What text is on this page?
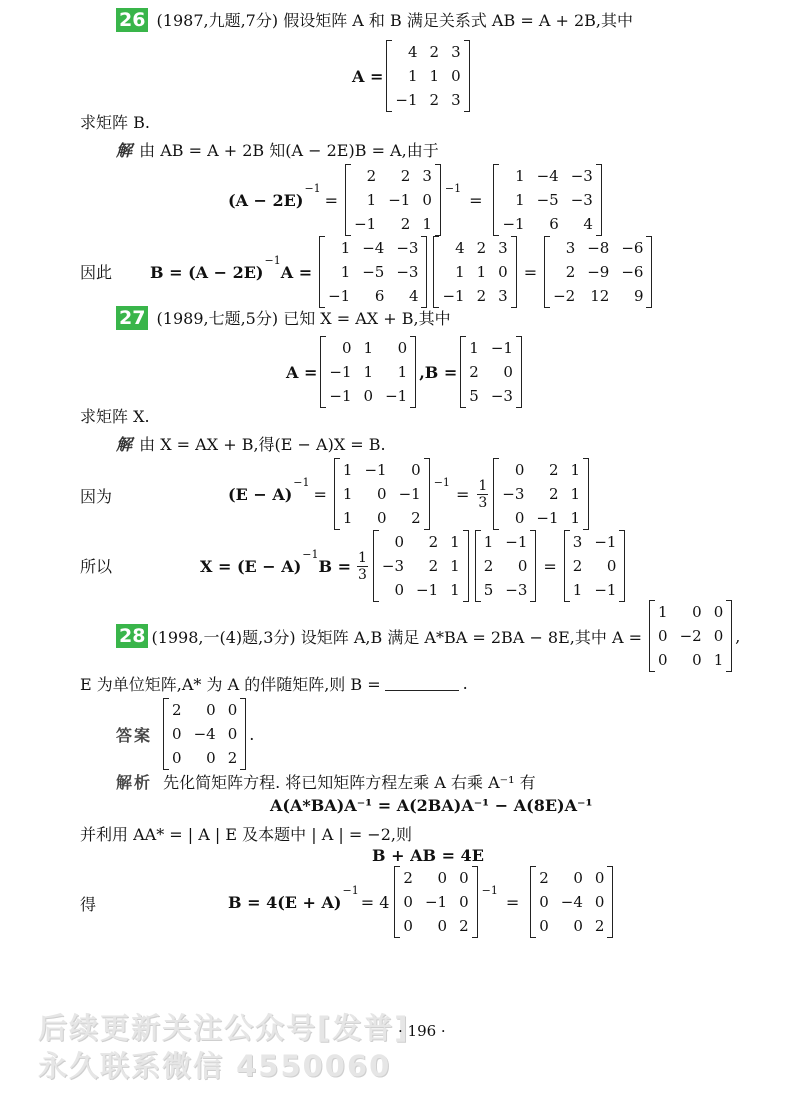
26 (1987,九题,7分) 假设矩阵 A 和 B 满足关系式 AB = A + 2B,其中
A =
4 2 3
1 1 0
−1 2 3
求矩阵 B.
解 由 AB = A + 2B 知(A − 2E)B = A,由于
(A − 2E)
−1
=
2	2 3
1 −1 0
−1	2 1
−1
=
1 −4 −3
1 −5 −3
−1	6	4
因此 B = (A − 2E)
−1
A =
1 −4 −3
1 −5 −3
−1	6	4
4 2 3
1 1 0
−1 2 3
=
3 −8 −6
2 −9 −6
−2 12	9
27 (1989,七题,5分) 已知 X = AX + B,其中
A =
0 1	0
−1 1	1
−1 0 −1
,B =
1 −1
2	0
5 −3
求矩阵 X.
解 由 X = AX + B,得(E − A)X = B.
因为	(E − A)
−1
=
1 −1	0
1	0 −1
1	0	2
−1
= $\frac{1}{3}$
0	2 1
−3	2 1
0 −1 1
所以	X = (E − A)
−1
$B = \frac{1}{3}$
0	2 1
−3	2 1
0 −1 1
1 −1
2	0
5 −3
=
3 −1
2	0
1 −1
28 (1998,一(4)题,3分) 设矩阵 A,B 满足 A*BA = 2BA − 8E,其中 A =
1	0 0
0 −2 0
0	0 1
,
E 为单位矩阵,A* 为 A 的伴随矩阵,则 B =	.
答案
2	0 0
0 −4 0
0	0 2
.
解析 先化简矩阵方程. 将已知矩阵方程左乘 A 右乘 A⁻¹ 有
A(A*BA)A⁻¹ = A(2BA)A⁻¹ − A(8E)A⁻¹
并利用 AA* = | A | E 及本题中 | A | = −2,则
B + AB = 4E
得	B = 4(E + A)
−1
= 4
2	0 0
0 −1 0
0	0 2
−1
=
2	0 0
0 −4 0
0	0 2
后续更新关注公众号[发普]
永久联系微信 4550060
· 196 ·
